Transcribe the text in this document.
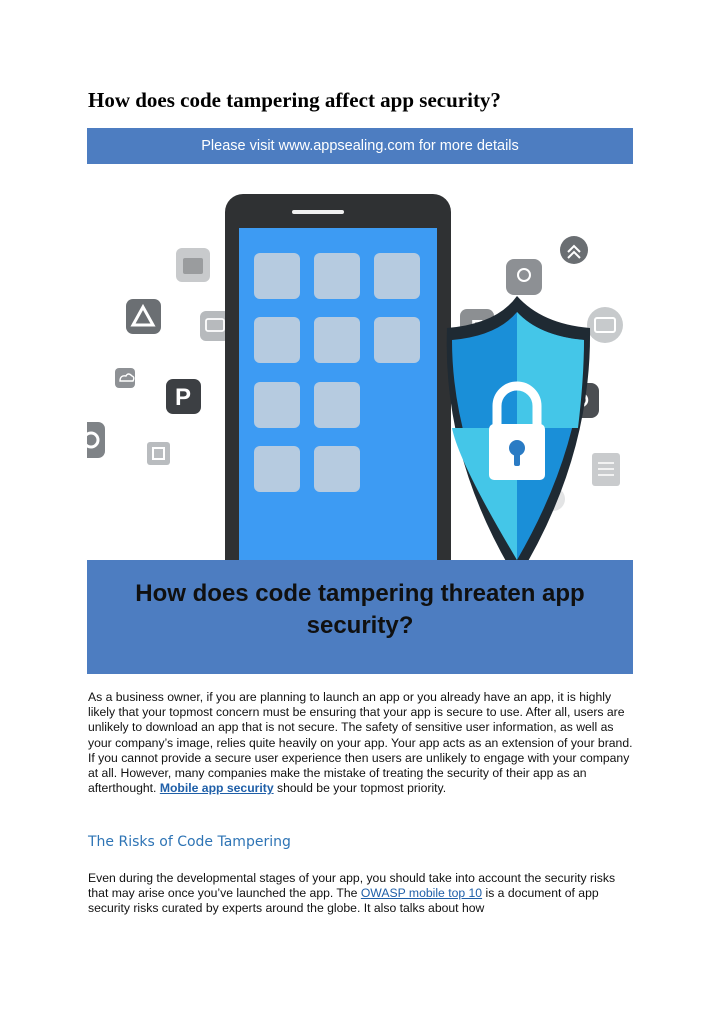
How does code tampering affect app security?
P
Please visit www.appsealing.com for more details
How does code tampering threaten app
security?

As a business owner, if you are planning to launch an app or you already have an app, it is highly likely that your topmost concern must be ensuring that your app is secure to use. After all, users are unlikely to download an app that is not secure. The safety of sensitive user information, as well as your company’s image, relies quite heavily on your app. Your app acts as an extension of your brand. If you cannot provide a secure user experience then users are unlikely to engage with your company at all. However, many companies make the mistake of treating the security of their app as an afterthought. Mobile app security should be your topmost priority.

The Risks of Code Tampering

Even during the developmental stages of your app, you should take into account the security risks that may arise once you’ve launched the app. The OWASP mobile top 10 is a document of app security risks curated by experts around the globe. It also talks about how
